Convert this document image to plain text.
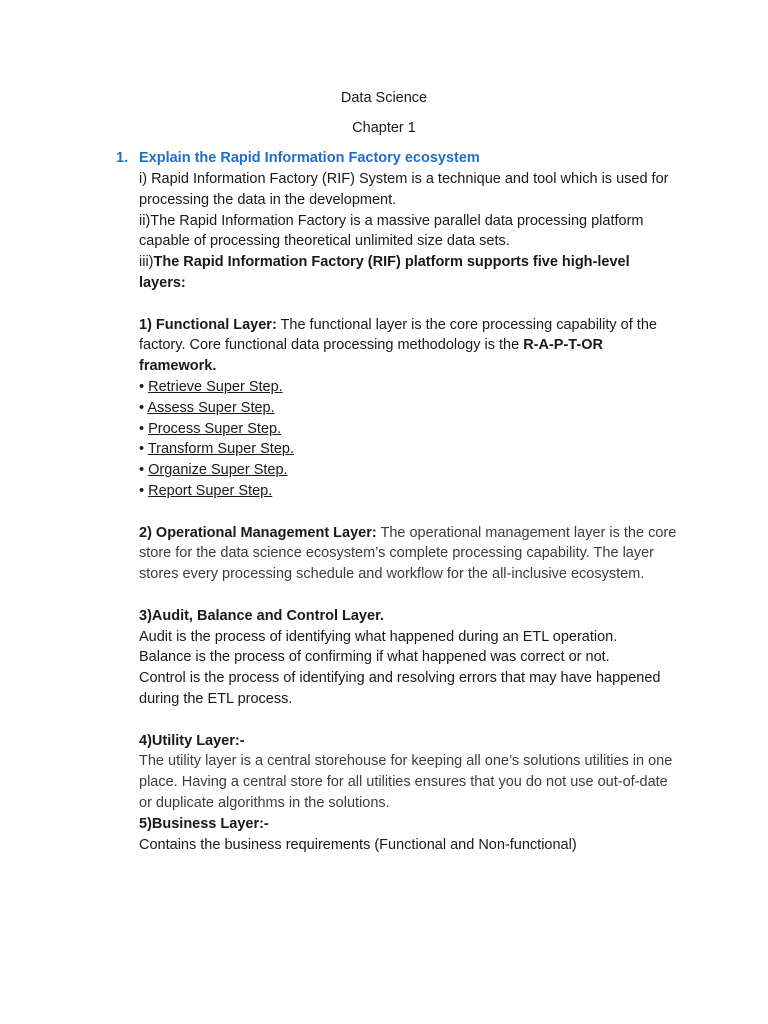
Data Science
Chapter 1
1. Explain the Rapid Information Factory ecosystem

i) Rapid Information Factory (RIF) System is a technique and tool which is used for processing the data in the development.

ii)The Rapid Information Factory is a massive parallel data processing platform capable of processing theoretical unlimited size data sets.

iii)The Rapid Information Factory (RIF) platform supports five high-level layers:

1) Functional Layer: The functional layer is the core processing capability of the factory. Core functional data processing methodology is the R-A-P-T-OR framework.

• Retrieve Super Step.

• Assess Super Step.

• Process Super Step.

• Transform Super Step.

• Organize Super Step.

• Report Super Step.

2) Operational Management Layer: The operational management layer is the core store for the data science ecosystem’s complete processing capability. The layer stores every processing schedule and workflow for the all-inclusive ecosystem.

3)Audit, Balance and Control Layer.

Audit is the process of identifying what happened during an ETL operation.

Balance is the process of confirming if what happened was correct or not.

Control is the process of identifying and resolving errors that may have happened during the ETL process.

4)Utility Layer:-

The utility layer is a central storehouse for keeping all one’s solutions utilities in one place. Having a central store for all utilities ensures that you do not use out-of-date or duplicate algorithms in the solutions.

5)Business Layer:-

Contains the business requirements (Functional and Non-functional)
